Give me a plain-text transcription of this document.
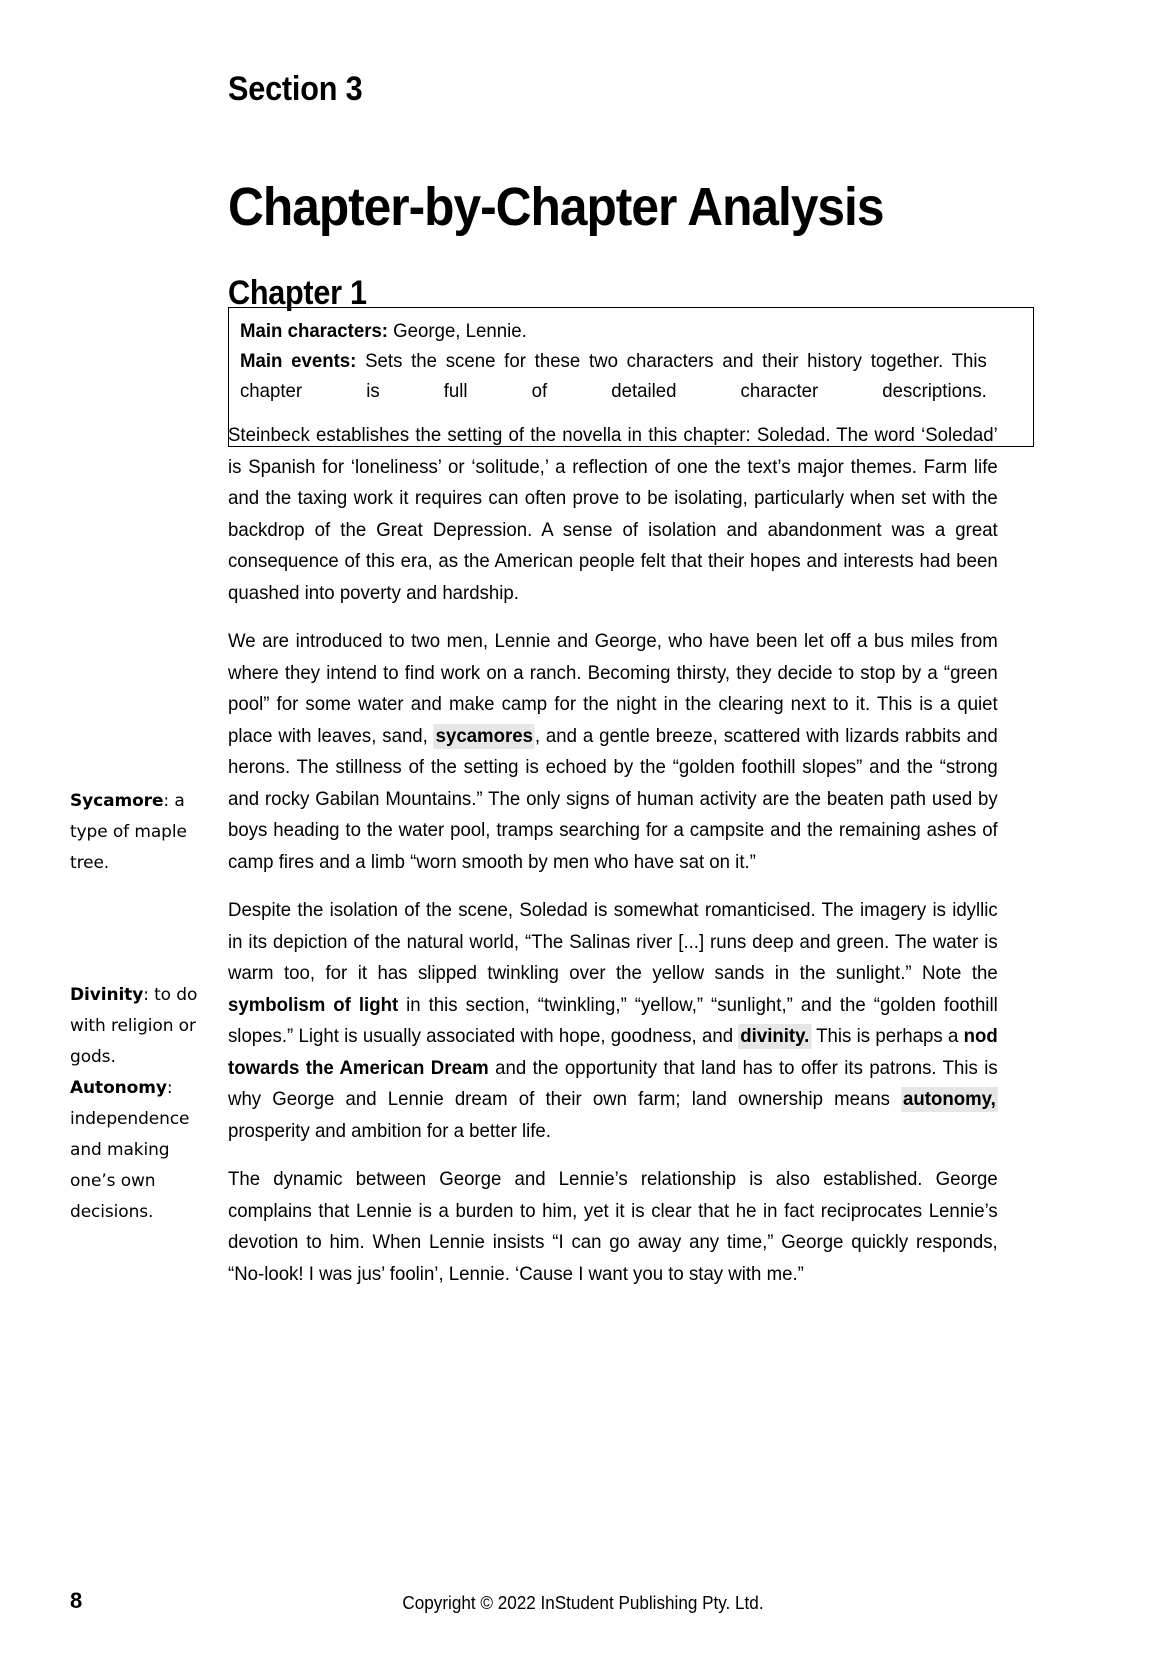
Section 3
Chapter-by-Chapter Analysis
Chapter 1
Main characters: George, Lennie.
Main events: Sets the scene for these two characters and their history together. This chapter is full of detailed character descriptions.

Steinbeck establishes the setting of the novella in this chapter: Soledad. The word ‘Soledad’ is Spanish for ‘loneliness’ or ‘solitude,’ a reflection of one the text’s major themes. Farm life and the taxing work it requires can often prove to be isolating, particularly when set with the backdrop of the Great Depression. A sense of isolation and abandonment was a great consequence of this era, as the American people felt that their hopes and interests had been quashed into poverty and hardship.

We are introduced to two men, Lennie and George, who have been let off a bus miles from where they intend to find work on a ranch. Becoming thirsty, they decide to stop by a “green pool” for some water and make camp for the night in the clearing next to it. This is a quiet place with leaves, sand, sycamores, and a gentle breeze, scattered with lizards rabbits and herons. The stillness of the setting is echoed by the “golden foothill slopes” and the “strong and rocky Gabilan Mountains.” The only signs of human activity are the beaten path used by boys heading to the water pool, tramps searching for a campsite and the remaining ashes of camp fires and a limb “worn smooth by men who have sat on it.”

Despite the isolation of the scene, Soledad is somewhat romanticised. The imagery is idyllic in its depiction of the natural world, “The Salinas river [...] runs deep and green. The water is warm too, for it has slipped twinkling over the yellow sands in the sunlight.” Note the symbolism of light in this section, “twinkling,” “yellow,” “sunlight,” and the “golden foothill slopes.” Light is usually associated with hope, goodness, and divinity. This is perhaps a nod towards the American Dream and the opportunity that land has to offer its patrons. This is why George and Lennie dream of their own farm; land ownership means autonomy, prosperity and ambition for a better life.

The dynamic between George and Lennie’s relationship is also established. George complains that Lennie is a burden to him, yet it is clear that he in fact reciprocates Lennie’s devotion to him. When Lennie insists “I can go away any time,” George quickly responds, “No-look! I was jus’ foolin’, Lennie. ‘Cause I want you to stay with me.”

Sycamore: a type of maple tree.
Divinity: to do with religion or gods.
Autonomy: independence and making one’s own decisions.
8	Copyright © 2022 InStudent Publishing Pty. Ltd.
